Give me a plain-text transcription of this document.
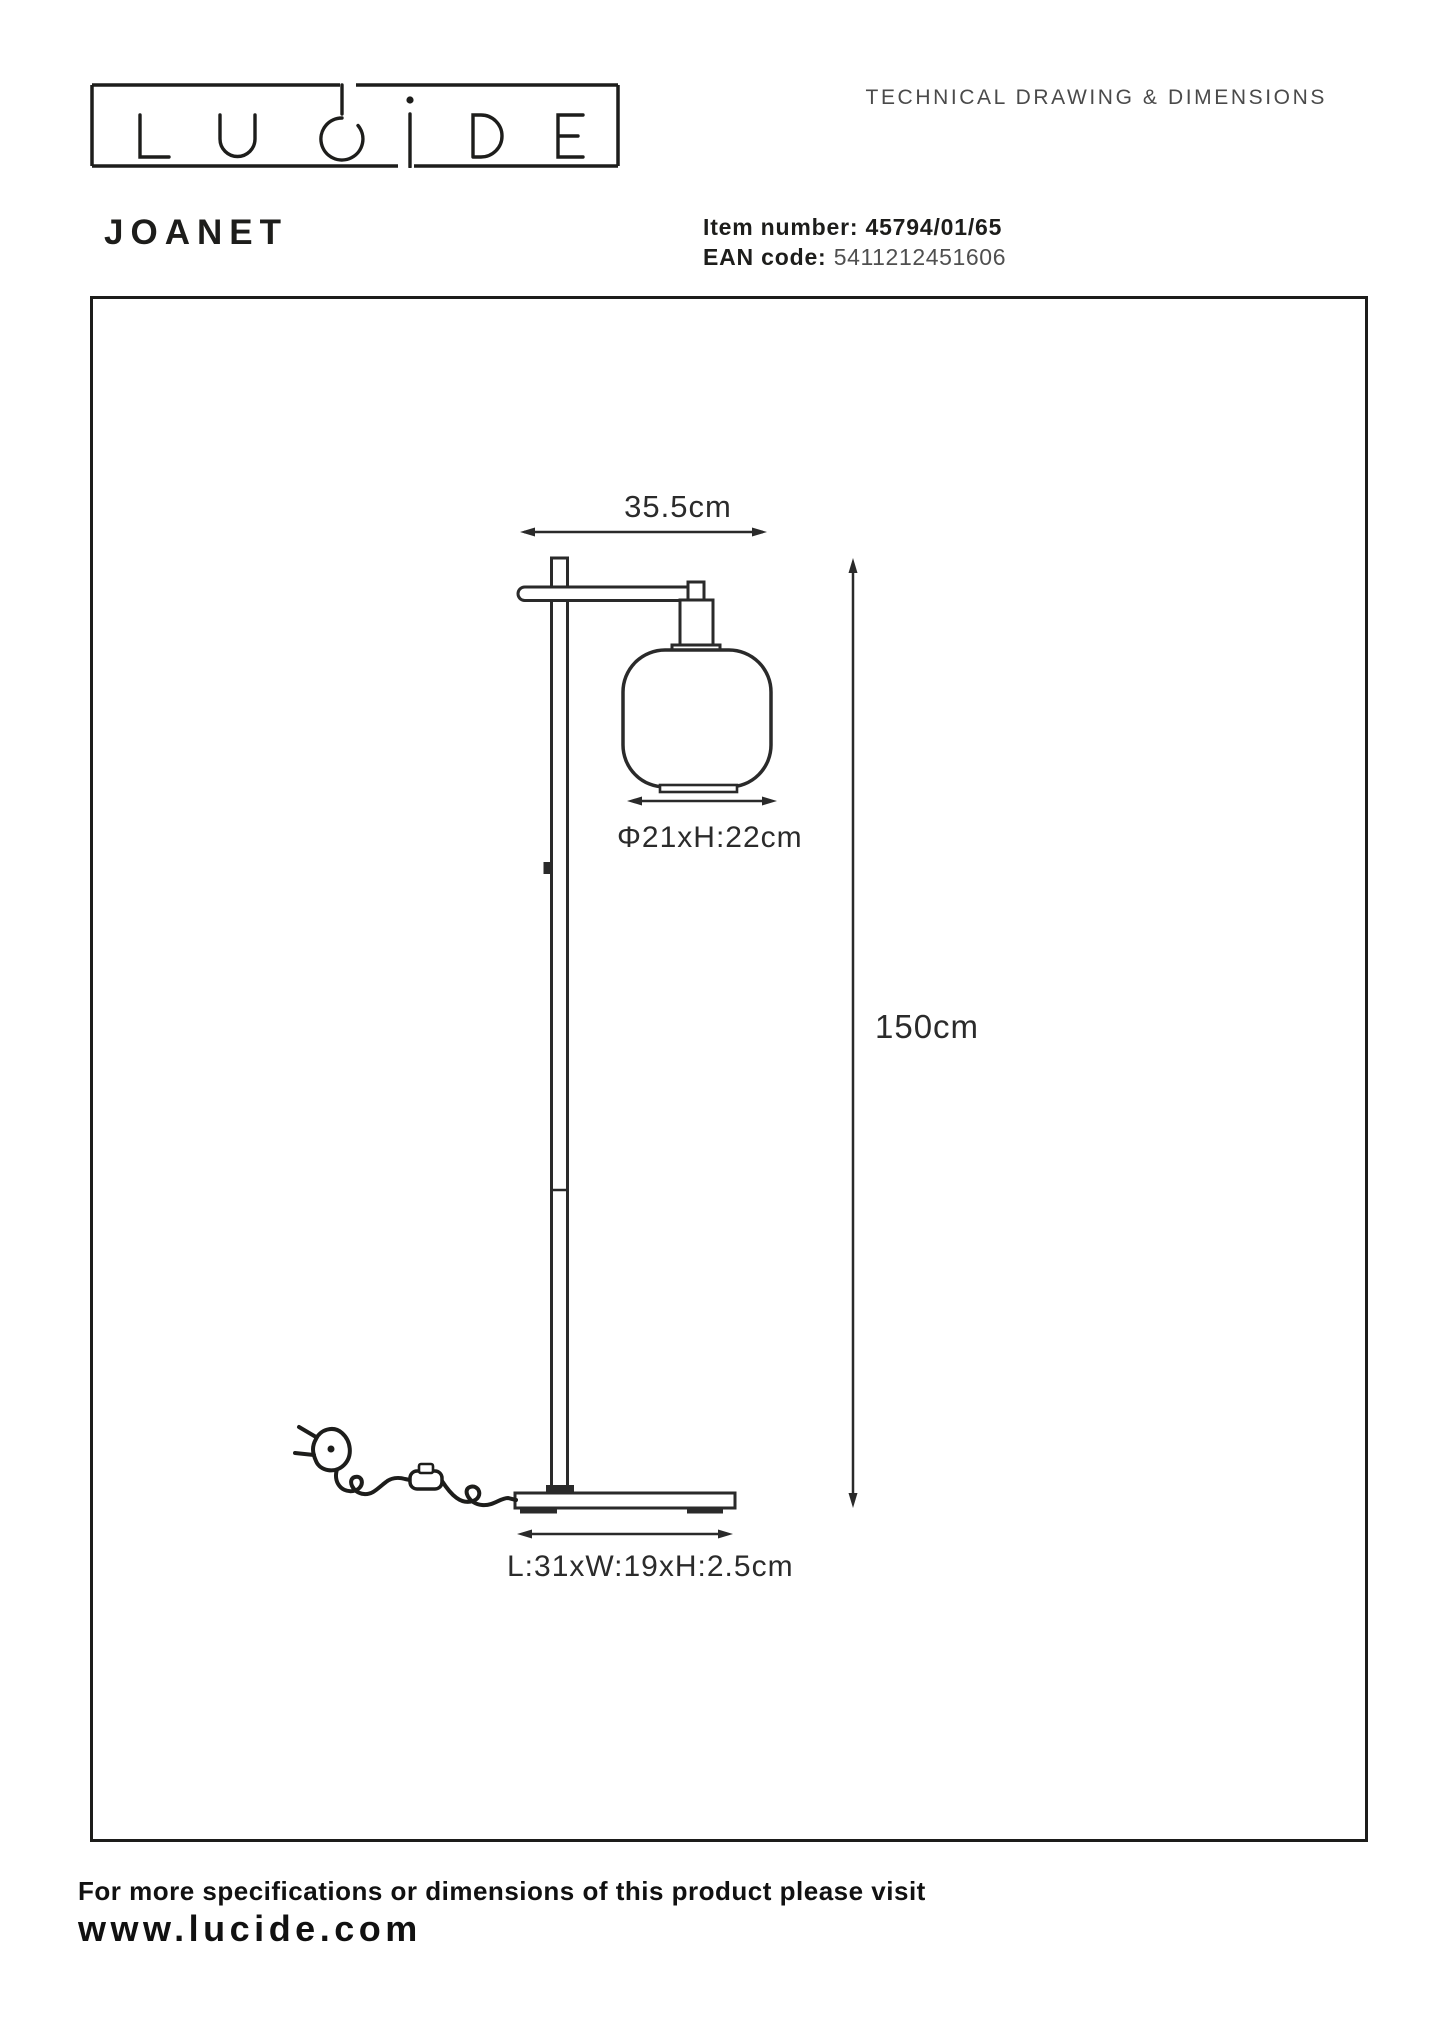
TECHNICAL DRAWING & DIMENSIONS
JOANET	Item number: 45794/01/65
EAN code: 5411212451606
35.5cm
Φ21xH:22cm
150cm
L:31xW:19xH:2.5cm
For more specifications or dimensions of this product please visit
www.lucide.com
